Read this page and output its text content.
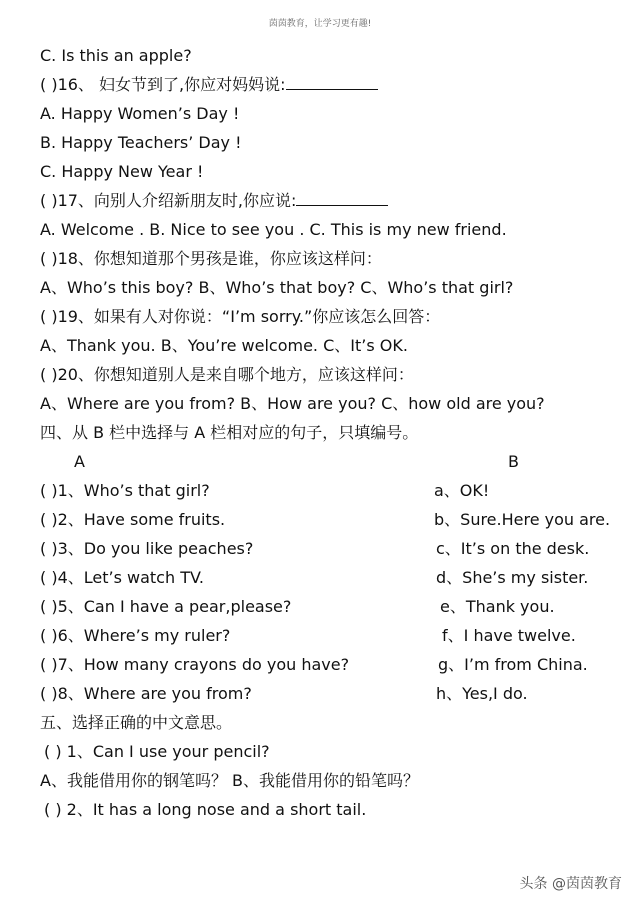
茵茵教育，让学习更有趣!
C. Is this an apple?
( )16、 妇女节到了,你应对妈妈说:
A. Happy Women’s Day !
B. Happy Teachers’ Day !
C. Happy New Year !
( )17、向别人介绍新朋友时,你应说:
A. Welcome . B. Nice to see you . C. This is my new friend.
( )18、你想知道那个男孩是谁，你应该这样问：
A、Who’s this boy? B、Who’s that boy? C、Who’s that girl?
( )19、如果有人对你说：“I’m sorry.”你应该怎么回答：
A、Thank you. B、You’re welcome. C、It’s OK.
( )20、你想知道别人是来自哪个地方，应该这样问：
A、Where are you from? B、How are you? C、how old are you?
四、从 B 栏中选择与 A 栏相对应的句子，只填编号。
A	B
( )1、Who’s that girl?	a、OK!
( )2、Have some fruits.	b、Sure.Here you are.
( )3、Do you like peaches?	c、It’s on the desk.
( )4、Let’s watch TV.	d、She’s my sister.
( )5、Can I have a pear,please?	e、Thank you.
( )6、Where’s my ruler?	f、I have twelve.
( )7、How many crayons do you have?	g、I’m from China.
( )8、Where are you from?	h、Yes,I do.
五、选择正确的中文意思。
( ) 1、Can I use your pencil?
A、我能借用你的钢笔吗？ B、我能借用你的铅笔吗？
( ) 2、It has a long nose and a short tail.
头条 @茵茵教育
